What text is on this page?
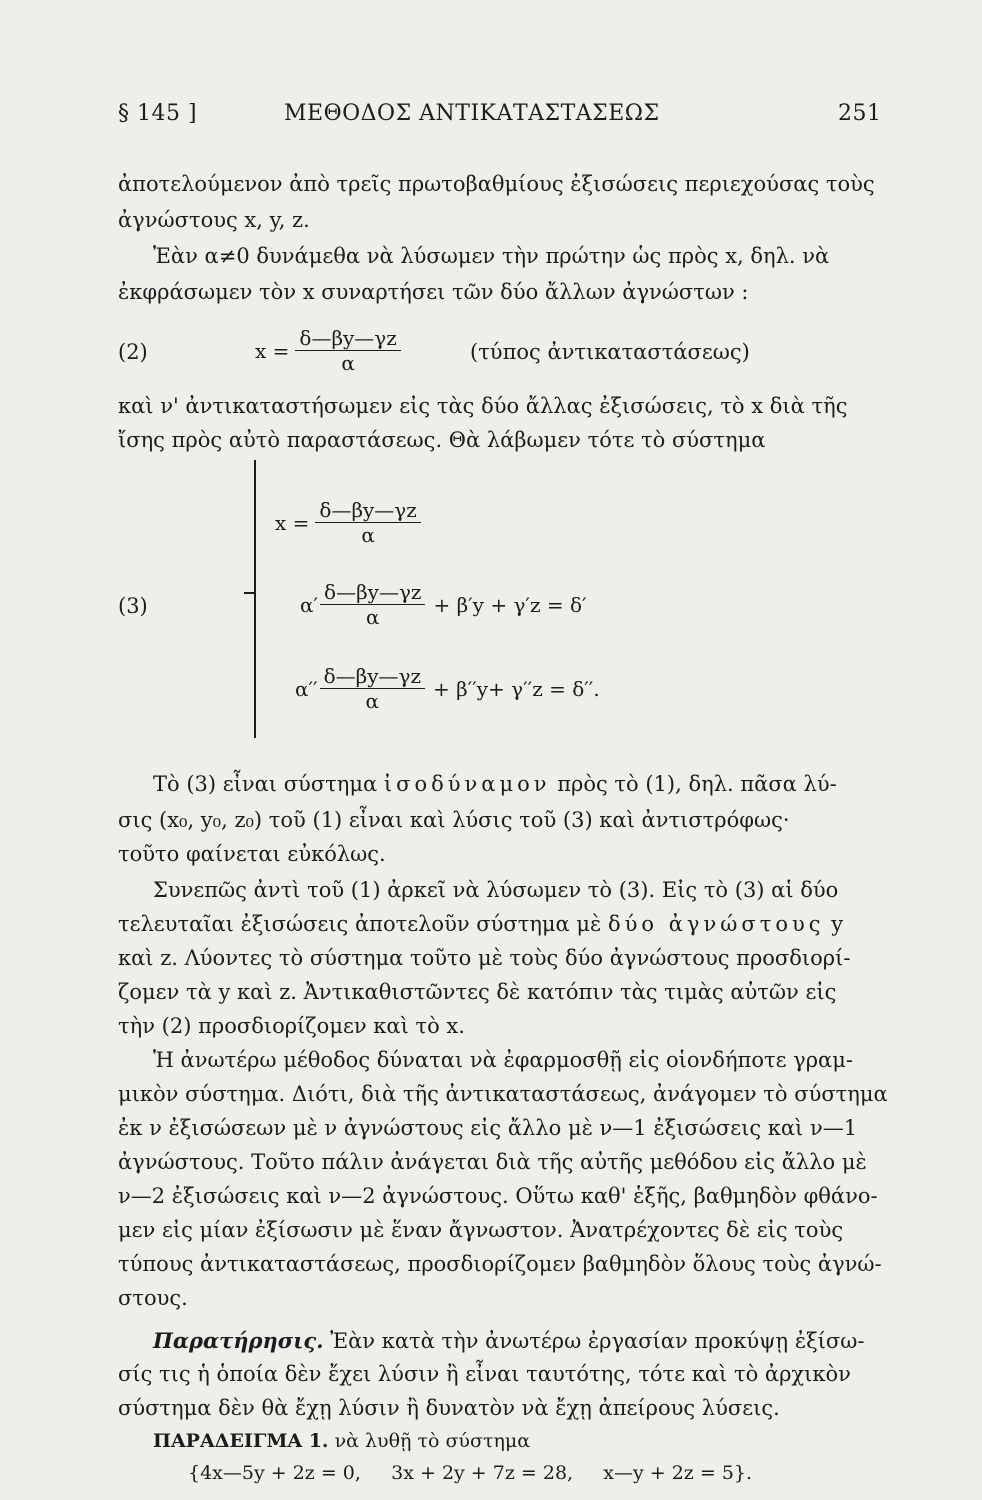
§ 145 ]	ΜΕΘΟΔΟΣ ΑΝΤΙΚΑΤΑΣΤΑΣΕΩΣ	251
ἀποτελούμενον ἀπὸ τρεῖς πρωτοβαθμίους ἐξισώσεις περιεχούσας τοὺς
ἀγνώστους x, y, z.
Ἐὰν α≠0 δυνάμεθα νὰ λύσωμεν τὴν πρώτην ὡς πρὸς x, δηλ. νὰ
ἐκφράσωμεν τὸν x συναρτήσει τῶν δύο ἄλλων ἀγνώστων :
(2)	$x = \frac{\delta—\beta y—\gamma z}{\alpha}$	(τύπος ἀντικαταστάσεως)
καὶ ν' ἀντικαταστήσωμεν εἰς τὰς δύο ἄλλας ἐξισώσεις, τὸ x διὰ τῆς
ἴσης πρὸς αὐτὸ παραστάσεως. Θὰ λάβωμεν τότε τὸ σύστημα
(3)
$x = \frac{\delta—\beta y—\gamma z}{\alpha}$
$\alpha' \frac{\delta—\beta y—\gamma z}{\alpha} + \beta'y + \gamma'z = \delta'$
$\alpha'' \frac{\delta—\beta y—\gamma z}{\alpha} + \beta''y+ \gamma''z = \delta''$.
Τὸ (3) εἶναι σύστημα ἰσοδύναμον πρὸς τὸ (1), δηλ. πᾶσα λύ-
σις (x₀, y₀, z₀) τοῦ (1) εἶναι καὶ λύσις τοῦ (3) καὶ ἀντιστρόφως·
τοῦτο φαίνεται εὐκόλως.
Συνεπῶς ἀντὶ τοῦ (1) ἀρκεῖ νὰ λύσωμεν τὸ (3). Εἰς τὸ (3) αἱ δύο
τελευταῖαι ἐξισώσεις ἀποτελοῦν σύστημα μὲ δύο ἀγνώστους y
καὶ z. Λύοντες τὸ σύστημα τοῦτο μὲ τοὺς δύο ἀγνώστους προσδιορί-
ζομεν τὰ y καὶ z. Ἀντικαθιστῶντες δὲ κατόπιν τὰς τιμὰς αὐτῶν εἰς
τὴν (2) προσδιορίζομεν καὶ τὸ x.
Ἡ ἀνωτέρω μέθοδος δύναται νὰ ἐφαρμοσθῇ εἰς οἱονδήποτε γραμ-
μικὸν σύστημα. Διότι, διὰ τῆς ἀντικαταστάσεως, ἀνάγομεν τὸ σύστημα
ἐκ ν ἐξισώσεων μὲ ν ἀγνώστους εἰς ἄλλο μὲ ν—1 ἐξισώσεις καὶ ν—1
ἀγνώστους. Τοῦτο πάλιν ἀνάγεται διὰ τῆς αὐτῆς μεθόδου εἰς ἄλλο μὲ
ν—2 ἐξισώσεις καὶ ν—2 ἀγνώστους. Οὕτω καθ' ἑξῆς, βαθμηδὸν φθάνο-
μεν εἰς μίαν ἐξίσωσιν μὲ ἕναν ἄγνωστον. Ἀνατρέχοντες δὲ εἰς τοὺς
τύπους ἀντικαταστάσεως, προσδιορίζομεν βαθμηδὸν ὅλους τοὺς ἀγνώ-
στους.
Παρατήρησις. Ἐὰν κατὰ τὴν ἀνωτέρω ἐργασίαν προκύψῃ ἐξίσω-
σίς τις ἡ ὁποία δὲν ἔχει λύσιν ἢ εἶναι ταυτότης, τότε καὶ τὸ ἀρχικὸν
σύστημα δὲν θὰ ἔχῃ λύσιν ἢ δυνατὸν νὰ ἔχῃ ἀπείρους λύσεις.
ΠΑΡΑΔΕΙΓΜΑ 1. νὰ λυθῇ τὸ σύστημα
{4x—5y + 2z = 0,     3x + 2y + 7z = 28,     x—y + 2z = 5}.
